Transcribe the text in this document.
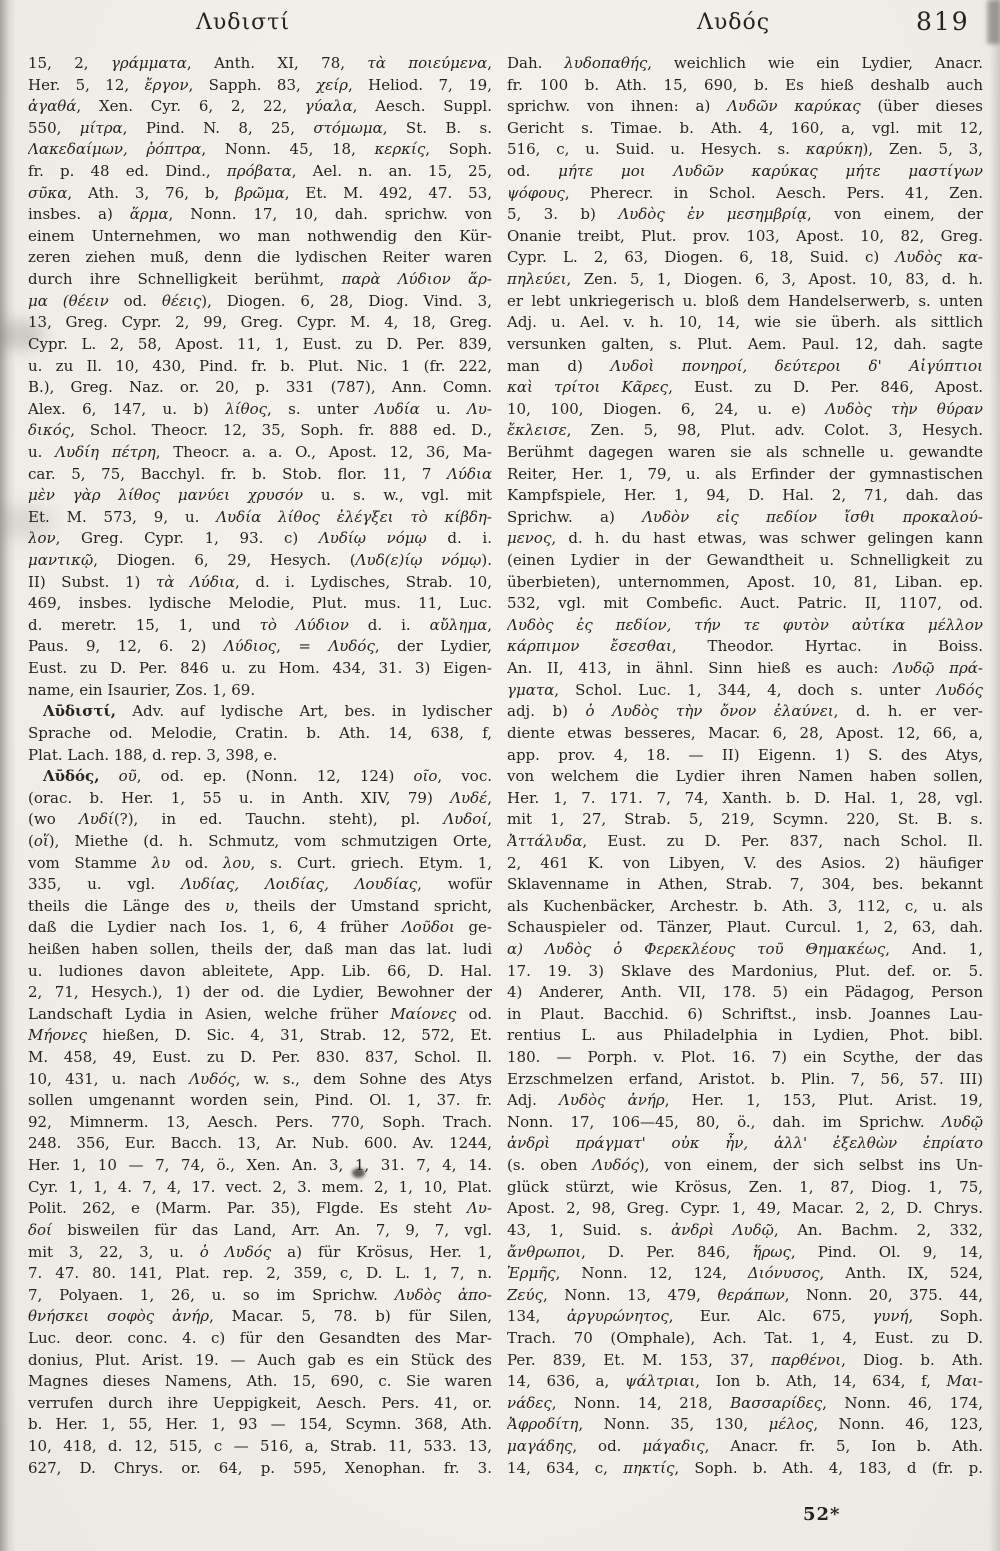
Λυδιστί	Λυδός	819
15, 2, γράμματα, Anth. XI, 78, τὰ ποιεύμενα,
Her. 5, 12, ἔργον, Sapph. 83, χείρ, Heliod. 7, 19,
ἀγαθά, Xen. Cyr. 6, 2, 22, γύαλα, Aesch. Suppl.
550, μίτρα, Pind. N. 8, 25, στόμωμα, St. B. s.
Λακεδαίμων, ῥόπτρα, Nonn. 45, 18, κερκίς, Soph.
fr. p. 48 ed. Dind., πρόβατα, Ael. n. an. 15, 25,
σῦκα, Ath. 3, 76, b, βρῶμα, Et. M. 492, 47. 53,
insbes. a) ἅρμα, Nonn. 17, 10, dah. sprichw. von
einem Unternehmen, wo man nothwendig den Kür-
zeren ziehen muß, denn die lydischen Reiter waren
durch ihre Schnelligkeit berühmt, παρὰ Λύδιον ἅρ-
μα (θέειν od. θέεις), Diogen. 6, 28, Diog. Vind. 3,
13, Greg. Cypr. 2, 99, Greg. Cypr. M. 4, 18, Greg.
Cypr. L. 2, 58, Apost. 11, 1, Eust. zu D. Per. 839,
u. zu Il. 10, 430, Pind. fr. b. Plut. Nic. 1 (fr. 222,
B.), Greg. Naz. or. 20, p. 331 (787), Ann. Comn.
Alex. 6, 147, u. b) λίθος, s. unter Λυδία u. Λυ-
δικός, Schol. Theocr. 12, 35, Soph. fr. 888 ed. D.,
u. Λυδίη πέτρη, Theocr. a. a. O., Apost. 12, 36, Ma-
car. 5, 75, Bacchyl. fr. b. Stob. flor. 11, 7 Λύδια
μὲν γὰρ λίθος μανύει χρυσόν u. s. w., vgl. mit
Et. M. 573, 9, u. Λυδία λίθος ἐλέγξει τὸ κίβδη-
λον, Greg. Cypr. 1, 93. c) Λυδίῳ νόμῳ d. i.
μαντικῷ, Diogen. 6, 29, Hesych. (Λυδ(ε)ίῳ νόμῳ).
II) Subst. 1) τὰ Λύδια, d. i. Lydisches, Strab. 10,
469, insbes. lydische Melodie, Plut. mus. 11, Luc.
d. meretr. 15, 1, und τὸ Λύδιον d. i. αὔλημα,
Paus. 9, 12, 6. 2) Λύδιος, = Λυδός, der Lydier,
Eust. zu D. Per. 846 u. zu Hom. 434, 31. 3) Eigen-
name, ein Isaurier, Zos. 1, 69.
 Λῡδιστί, Adv. auf lydische Art, bes. in lydischer
Sprache od. Melodie, Cratin. b. Ath. 14, 638, f,
Plat. Lach. 188, d. rep. 3, 398, e.
 Λῡδός, οῦ, od. ep. (Nonn. 12, 124) οῖο, voc.
(orac. b. Her. 1, 55 u. in Anth. XIV, 79) Λυδέ,
(wo Λυδί(?), in ed. Tauchn. steht), pl. Λυδοί,
(οἵ), Miethe (d. h. Schmutz, vom schmutzigen Orte,
vom Stamme λυ od. λου, s. Curt. griech. Etym. 1,
335, u. vgl. Λυδίας, Λοιδίας, Λουδίας, wofür
theils die Länge des υ, theils der Umstand spricht,
daß die Lydier nach Ios. 1, 6, 4 früher Λοῦδοι ge-
heißen haben sollen, theils der, daß man das lat. ludi
u. ludiones davon ableitete, App. Lib. 66, D. Hal.
2, 71, Hesych.), 1) der od. die Lydier, Bewohner der
Landschaft Lydia in Asien, welche früher Μαίονες od.
Μήονες hießen, D. Sic. 4, 31, Strab. 12, 572, Et.
M. 458, 49, Eust. zu D. Per. 830. 837, Schol. Il.
10, 431, u. nach Λυδός, w. s., dem Sohne des Atys
sollen umgenannt worden sein, Pind. Ol. 1, 37. fr.
92, Mimnerm. 13, Aesch. Pers. 770, Soph. Trach.
248. 356, Eur. Bacch. 13, Ar. Nub. 600. Av. 1244,
Her. 1, 10 — 7, 74, ö., Xen. An. 3, 1, 31. 7, 4, 14.
Cyr. 1, 1, 4. 7, 4, 17. vect. 2, 3. mem. 2, 1, 10, Plat.
Polit. 262, e (Marm. Par. 35), Flgde. Es steht Λυ-
δοί bisweilen für das Land, Arr. An. 7, 9, 7, vgl.
mit 3, 22, 3, u. ὁ Λυδός a) für Krösus, Her. 1,
7. 47. 80. 141, Plat. rep. 2, 359, c, D. L. 1, 7, n.
7, Polyaen. 1, 26, u. so im Sprichw. Λυδὸς ἀπο-
θνήσκει σοφὸς ἀνήρ, Macar. 5, 78. b) für Silen,
Luc. deor. conc. 4. c) für den Gesandten des Mar-
donius, Plut. Arist. 19. — Auch gab es ein Stück des
Magnes dieses Namens, Ath. 15, 690, c. Sie waren
verrufen durch ihre Ueppigkeit, Aesch. Pers. 41, or.
b. Her. 1, 55, Her. 1, 93 — 154, Scymn. 368, Ath.
10, 418, d. 12, 515, c — 516, a, Strab. 11, 533. 13,
627, D. Chrys. or. 64, p. 595, Xenophan. fr. 3.
Dah. λυδοπαθής, weichlich wie ein Lydier, Anacr.
fr. 100 b. Ath. 15, 690, b. Es hieß deshalb auch
sprichw. von ihnen: a) Λυδῶν καρύκας (über dieses
Gericht s. Timae. b. Ath. 4, 160, a, vgl. mit 12,
516, c, u. Suid. u. Hesych. s. καρύκη), Zen. 5, 3,
od. μήτε μοι Λυδῶν καρύκας μήτε μαστίγων
ψόφους, Pherecr. in Schol. Aesch. Pers. 41, Zen.
5, 3. b) Λυδὸς ἐν μεσημβρίᾳ, von einem, der
Onanie treibt, Plut. prov. 103, Apost. 10, 82, Greg.
Cypr. L. 2, 63, Diogen. 6, 18, Suid. c) Λυδὸς κα-
πηλεύει, Zen. 5, 1, Diogen. 6, 3, Apost. 10, 83, d. h.
er lebt unkriegerisch u. bloß dem Handelserwerb, s. unten
Adj. u. Ael. v. h. 10, 14, wie sie überh. als sittlich
versunken galten, s. Plut. Aem. Paul. 12, dah. sagte
man d) Λυδοὶ πονηροί, δεύτεροι δ' Αἰγύπτιοι
καὶ τρίτοι Κᾶρες, Eust. zu D. Per. 846, Apost.
10, 100, Diogen. 6, 24, u. e) Λυδὸς τὴν θύραν
ἔκλεισε, Zen. 5, 98, Plut. adv. Colot. 3, Hesych.
Berühmt dagegen waren sie als schnelle u. gewandte
Reiter, Her. 1, 79, u. als Erfinder der gymnastischen
Kampfspiele, Her. 1, 94, D. Hal. 2, 71, dah. das
Sprichw. a) Λυδὸν εἰς πεδίον ἴσθι προκαλού-
μενος, d. h. du hast etwas, was schwer gelingen kann
(einen Lydier in der Gewandtheit u. Schnelligkeit zu
überbieten), unternommen, Apost. 10, 81, Liban. ep.
532, vgl. mit Combefic. Auct. Patric. II, 1107, od.
Λυδὸς ἐς πεδίον, τήν τε φυτὸν αὐτίκα μέλλον
κάρπιμον ἔσεσθαι, Theodor. Hyrtac. in Boiss.
An. II, 413, in ähnl. Sinn hieß es auch: Λυδῷ πρά-
γματα, Schol. Luc. 1, 344, 4, doch s. unter Λυδός
adj. b) ὁ Λυδὸς τὴν ὄνον ἐλαύνει, d. h. er ver-
diente etwas besseres, Macar. 6, 28, Apost. 12, 66, a,
app. prov. 4, 18. — II) Eigenn. 1) S. des Atys,
von welchem die Lydier ihren Namen haben sollen,
Her. 1, 7. 171. 7, 74, Xanth. b. D. Hal. 1, 28, vgl.
mit 1, 27, Strab. 5, 219, Scymn. 220, St. B. s.
Ἀττάλυδα, Eust. zu D. Per. 837, nach Schol. Il.
2, 461 K. von Libyen, V. des Asios. 2) häufiger
Sklavenname in Athen, Strab. 7, 304, bes. bekannt
als Kuchenbäcker, Archestr. b. Ath. 3, 112, c, u. als
Schauspieler od. Tänzer, Plaut. Curcul. 1, 2, 63, dah.
α) Λυδὸς ὁ Φερεκλέους τοῦ Θημακέως, And. 1,
17. 19. 3) Sklave des Mardonius, Plut. def. or. 5.
4) Anderer, Anth. VII, 178. 5) ein Pädagog, Person
in Plaut. Bacchid. 6) Schriftst., insb. Joannes Lau-
rentius L. aus Philadelphia in Lydien, Phot. bibl.
180. — Porph. v. Plot. 16. 7) ein Scythe, der das
Erzschmelzen erfand, Aristot. b. Plin. 7, 56, 57. III)
Adj. Λυδὸς ἀνήρ, Her. 1, 153, Plut. Arist. 19,
Nonn. 17, 106—45, 80, ö., dah. im Sprichw. Λυδῷ
ἀνδρὶ πράγματ' οὐκ ἦν, ἀλλ' ἐξελθὼν ἐπρίατο
(s. oben Λυδός), von einem, der sich selbst ins Un-
glück stürzt, wie Krösus, Zen. 1, 87, Diog. 1, 75,
Apost. 2, 98, Greg. Cypr. 1, 49, Macar. 2, 2, D. Chrys.
43, 1, Suid. s. ἀνδρὶ Λυδῷ, An. Bachm. 2, 332,
ἄνθρωποι, D. Per. 846, ἥρως, Pind. Ol. 9, 14,
Ἑρμῆς, Nonn. 12, 124, Διόνυσος, Anth. IX, 524,
Ζεύς, Nonn. 13, 479, θεράπων, Nonn. 20, 375. 44,
134, ἀργυρώνητος, Eur. Alc. 675, γυνή, Soph.
Trach. 70 (Omphale), Ach. Tat. 1, 4, Eust. zu D.
Per. 839, Et. M. 153, 37, παρθένοι, Diog. b. Ath.
14, 636, a, ψάλτριαι, Ion b. Ath, 14, 634, f, Μαι-
νάδες, Nonn. 14, 218, Βασσαρίδες, Nonn. 46, 174,
Ἀφροδίτη, Nonn. 35, 130, μέλος, Nonn. 46, 123,
μαγάδης, od. μάγαδις, Anacr. fr. 5, Ion b. Ath.
14, 634, c, πηκτίς, Soph. b. Ath. 4, 183, d (fr. p.
52*
